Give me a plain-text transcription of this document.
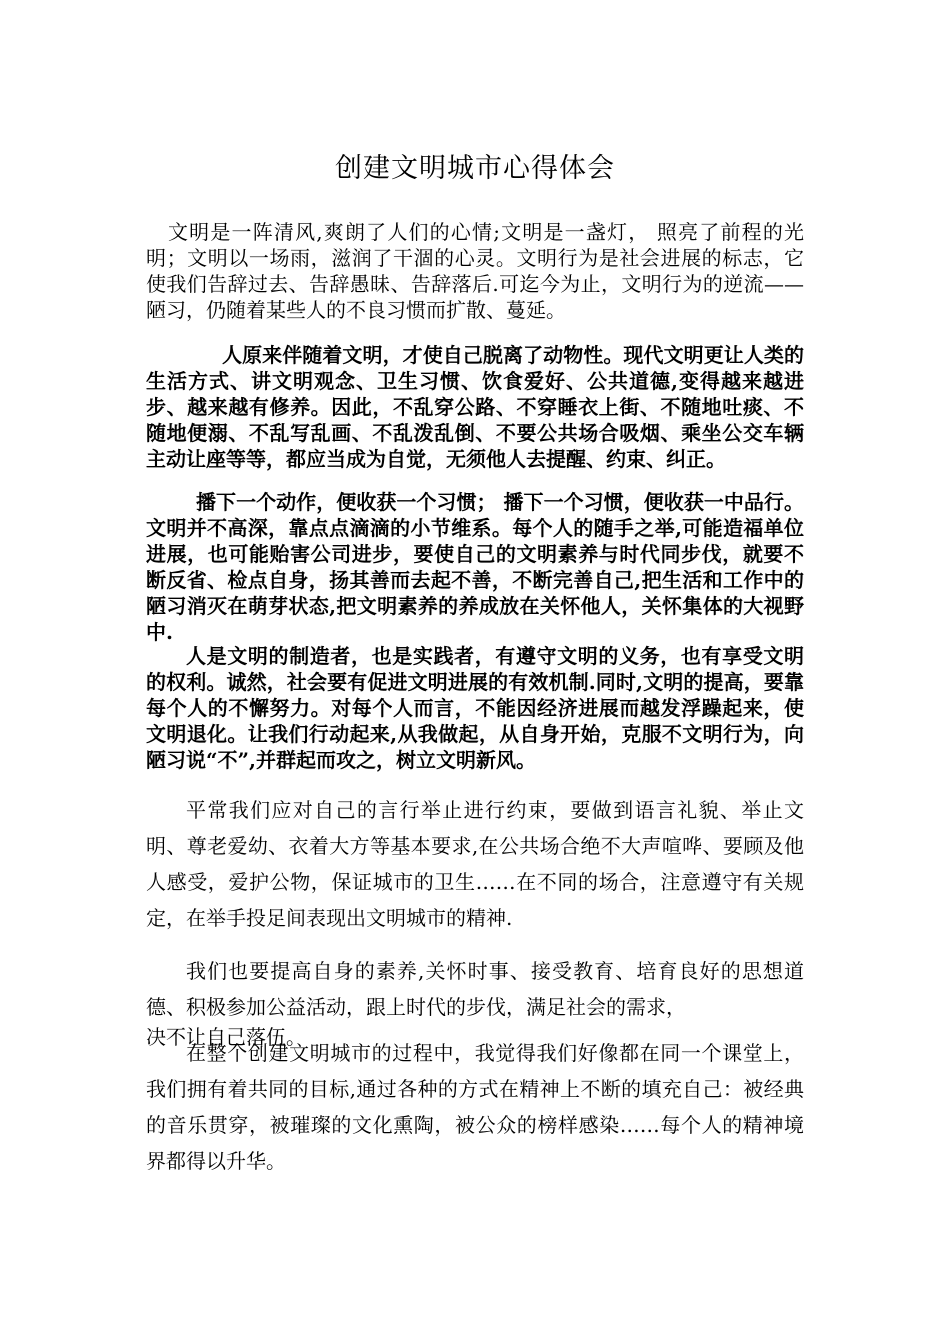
创建文明城市心得体会

文明是一阵清风,爽朗了人们的心情;文明是一盏灯， 照亮了前程的光明；文明以一场雨，滋润了干涸的心灵。文明行为是社会进展的标志，它使我们告辞过去、告辞愚昧、告辞落后.可迄今为止，文明行为的逆流——陋习，仍随着某些人的不良习惯而扩散、蔓延。

人原来伴随着文明，才使自己脱离了动物性。现代文明更让人类的生活方式、讲文明观念、卫生习惯、饮食爱好、公共道德,变得越来越进步、越来越有修养。因此，不乱穿公路、不穿睡衣上街、不随地吐痰、不随地便溺、不乱写乱画、不乱泼乱倒、不要公共场合吸烟、乘坐公交车辆主动让座等等，都应当成为自觉，无须他人去提醒、约束、纠正。

播下一个动作，便收获一个习惯； 播下一个习惯，便收获一中品行。文明并不高深，靠点点滴滴的小节维系。每个人的随手之举,可能造福单位进展，也可能贻害公司进步，要使自己的文明素养与时代同步伐，就要不断反省、检点自身，扬其善而去起不善，不断完善自己,把生活和工作中的陋习消灭在萌芽状态,把文明素养的养成放在关怀他人，关怀集体的大视野中.

人是文明的制造者，也是实践者，有遵守文明的义务，也有享受文明的权利。诚然，社会要有促进文明进展的有效机制.同时,文明的提高，要靠每个人的不懈努力。对每个人而言，不能因经济进展而越发浮躁起来，使文明退化。让我们行动起来,从我做起，从自身开始，克服不文明行为，向陋习说“不”,并群起而攻之，树立文明新风。

平常我们应对自己的言行举止进行约束，要做到语言礼貌、举止文明、尊老爱幼、衣着大方等基本要求,在公共场合绝不大声喧哗、要顾及他人感受，爱护公物，保证城市的卫生……在不同的场合，注意遵守有关规定，在举手投足间表现出文明城市的精神.

我们也要提高自身的素养,关怀时事、接受教育、培育良好的思想道德、积极参加公益活动，跟上时代的步伐，满足社会的需求，
决不让自己落伍。

在整个创建文明城市的过程中，我觉得我们好像都在同一个课堂上，我们拥有着共同的目标,通过各种的方式在精神上不断的填充自己：被经典的音乐贯穿，被璀璨的文化熏陶，被公众的榜样感染……每个人的精神境界都得以升华。
